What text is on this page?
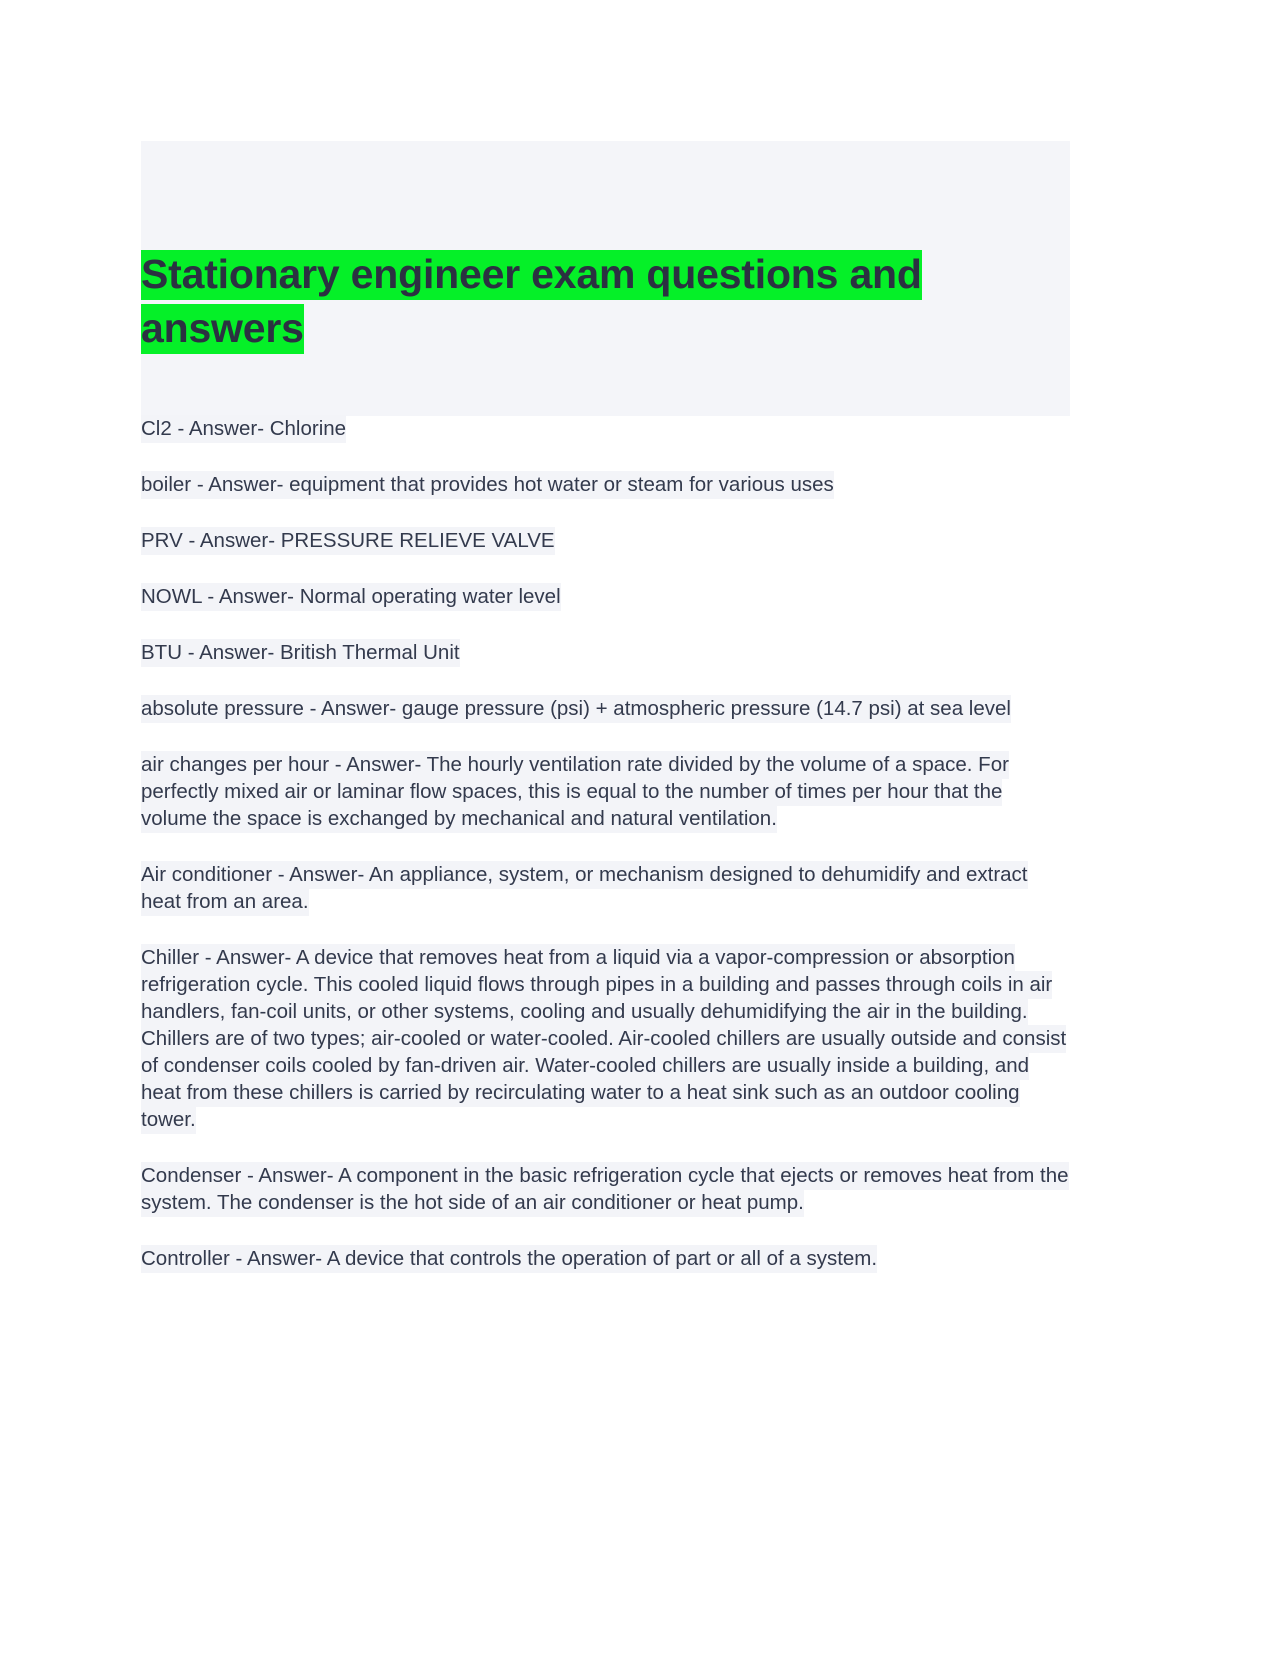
Stationary engineer exam questions and answers

Cl2 - Answer- Chlorine

boiler - Answer- equipment that provides hot water or steam for various uses

PRV - Answer- PRESSURE RELIEVE VALVE

NOWL - Answer- Normal operating water level

BTU - Answer- British Thermal Unit

absolute pressure - Answer- gauge pressure (psi) + atmospheric pressure (14.7 psi) at sea level

air changes per hour - Answer- The hourly ventilation rate divided by the volume of a space. For perfectly mixed air or laminar flow spaces, this is equal to the number of times per hour that the volume the space is exchanged by mechanical and natural ventilation.

Air conditioner - Answer- An appliance, system, or mechanism designed to dehumidify and extract heat from an area.

Chiller - Answer- A device that removes heat from a liquid via a vapor-compression or absorption refrigeration cycle. This cooled liquid flows through pipes in a building and passes through coils in air handlers, fan-coil units, or other systems, cooling and usually dehumidifying the air in the building. Chillers are of two types; air-cooled or water-cooled. Air-cooled chillers are usually outside and consist of condenser coils cooled by fan-driven air. Water-cooled chillers are usually inside a building, and heat from these chillers is carried by recirculating water to a heat sink such as an outdoor cooling tower.

Condenser - Answer- A component in the basic refrigeration cycle that ejects or removes heat from the system. The condenser is the hot side of an air conditioner or heat pump.

Controller - Answer- A device that controls the operation of part or all of a system.
